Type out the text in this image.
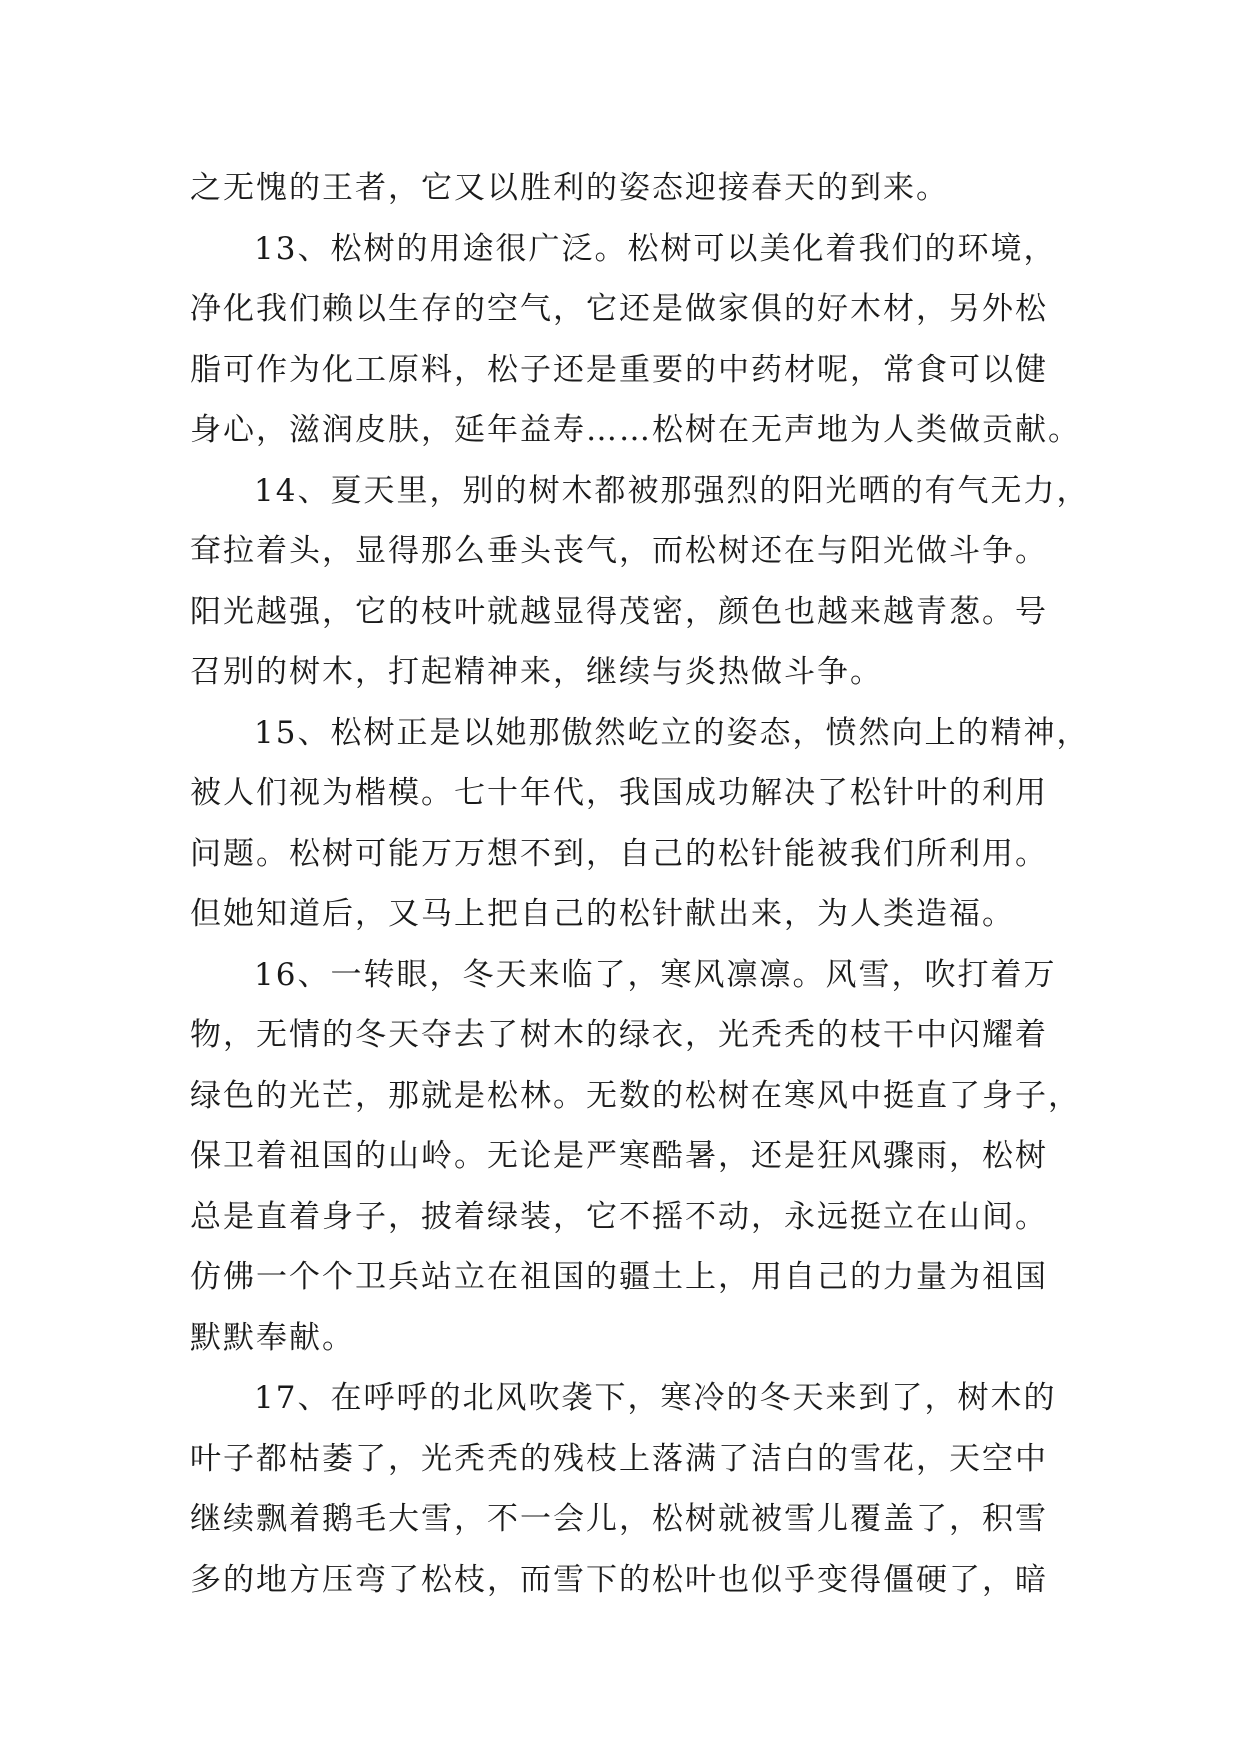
之无愧的王者，它又以胜利的姿态迎接春天的到来。
13、松树的用途很广泛。松树可以美化着我们的环境，
净化我们赖以生存的空气，它还是做家俱的好木材，另外松
脂可作为化工原料，松子还是重要的中药材呢，常食可以健
身心，滋润皮肤，延年益寿……松树在无声地为人类做贡献。
14、夏天里，别的树木都被那强烈的阳光晒的有气无力，
耷拉着头，显得那么垂头丧气，而松树还在与阳光做斗争。
阳光越强，它的枝叶就越显得茂密，颜色也越来越青葱。号
召别的树木，打起精神来，继续与炎热做斗争。
15、松树正是以她那傲然屹立的姿态，愤然向上的精神，
被人们视为楷模。七十年代，我国成功解决了松针叶的利用
问题。松树可能万万想不到，自己的松针能被我们所利用。
但她知道后，又马上把自己的松针献出来，为人类造福。
16、一转眼，冬天来临了，寒风凛凛。风雪，吹打着万
物，无情的冬天夺去了树木的绿衣，光秃秃的枝干中闪耀着
绿色的光芒，那就是松林。无数的松树在寒风中挺直了身子，
保卫着祖国的山岭。无论是严寒酷暑，还是狂风骤雨，松树
总是直着身子，披着绿装，它不摇不动，永远挺立在山间。
仿佛一个个卫兵站立在祖国的疆土上，用自己的力量为祖国
默默奉献。
17、在呼呼的北风吹袭下，寒冷的冬天来到了，树木的
叶子都枯萎了，光秃秃的残枝上落满了洁白的雪花，天空中
继续飘着鹅毛大雪，不一会儿，松树就被雪儿覆盖了，积雪
多的地方压弯了松枝，而雪下的松叶也似乎变得僵硬了，暗
